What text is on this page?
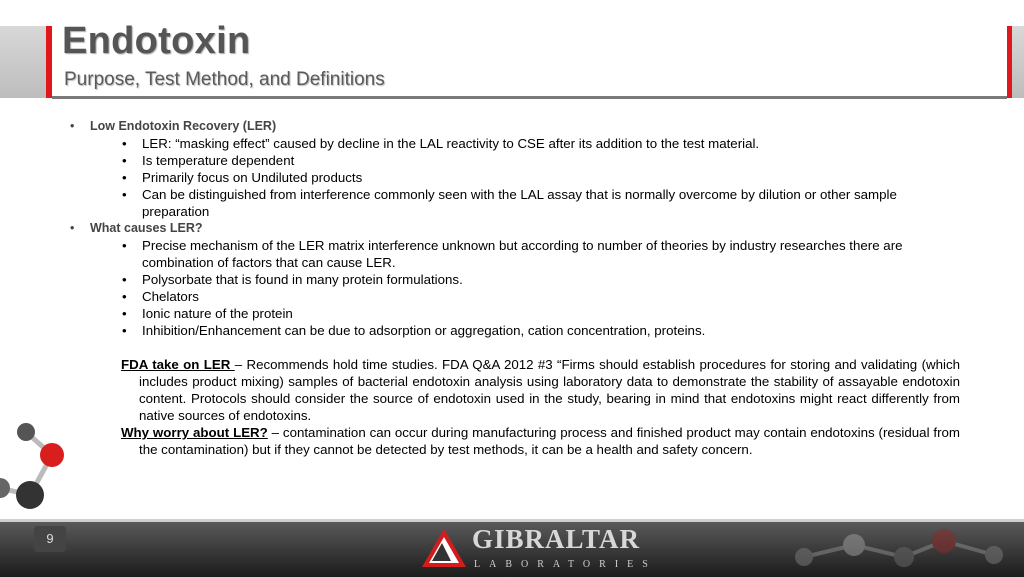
Endotoxin
Purpose, Test Method, and Definitions
• Low Endotoxin Recovery (LER)
• LER: “masking effect” caused by decline in the LAL reactivity to CSE after its addition to the test material.
• Is temperature dependent
• Primarily focus on Undiluted products
• Can be distinguished from interference commonly seen with the LAL assay that is normally overcome by dilution or other sample preparation
• What causes LER?
• Precise mechanism of the LER matrix interference unknown but according to number of theories by industry researches there are combination of factors that can cause LER.
• Polysorbate that is found in many protein formulations.
• Chelators
• Ionic nature of the protein
• Inhibition/Enhancement can be due to adsorption or aggregation, cation concentration, proteins.
FDA take on LER – Recommends hold time studies. FDA Q&A 2012 #3 “Firms should establish procedures for storing and validating (which includes product mixing) samples of bacterial endotoxin analysis using laboratory data to demonstrate the stability of assayable endotoxin content. Protocols should consider the source of endotoxin used in the study, bearing in mind that endotoxins might react differently from native sources of endotoxins.
Why worry about LER? – contamination can occur during manufacturing process and finished product may contain endotoxins (residual from the contamination) but if they cannot be detected by test methods, it can be a health and safety concern.
9	GIBRALTAR
LABORATORIES
